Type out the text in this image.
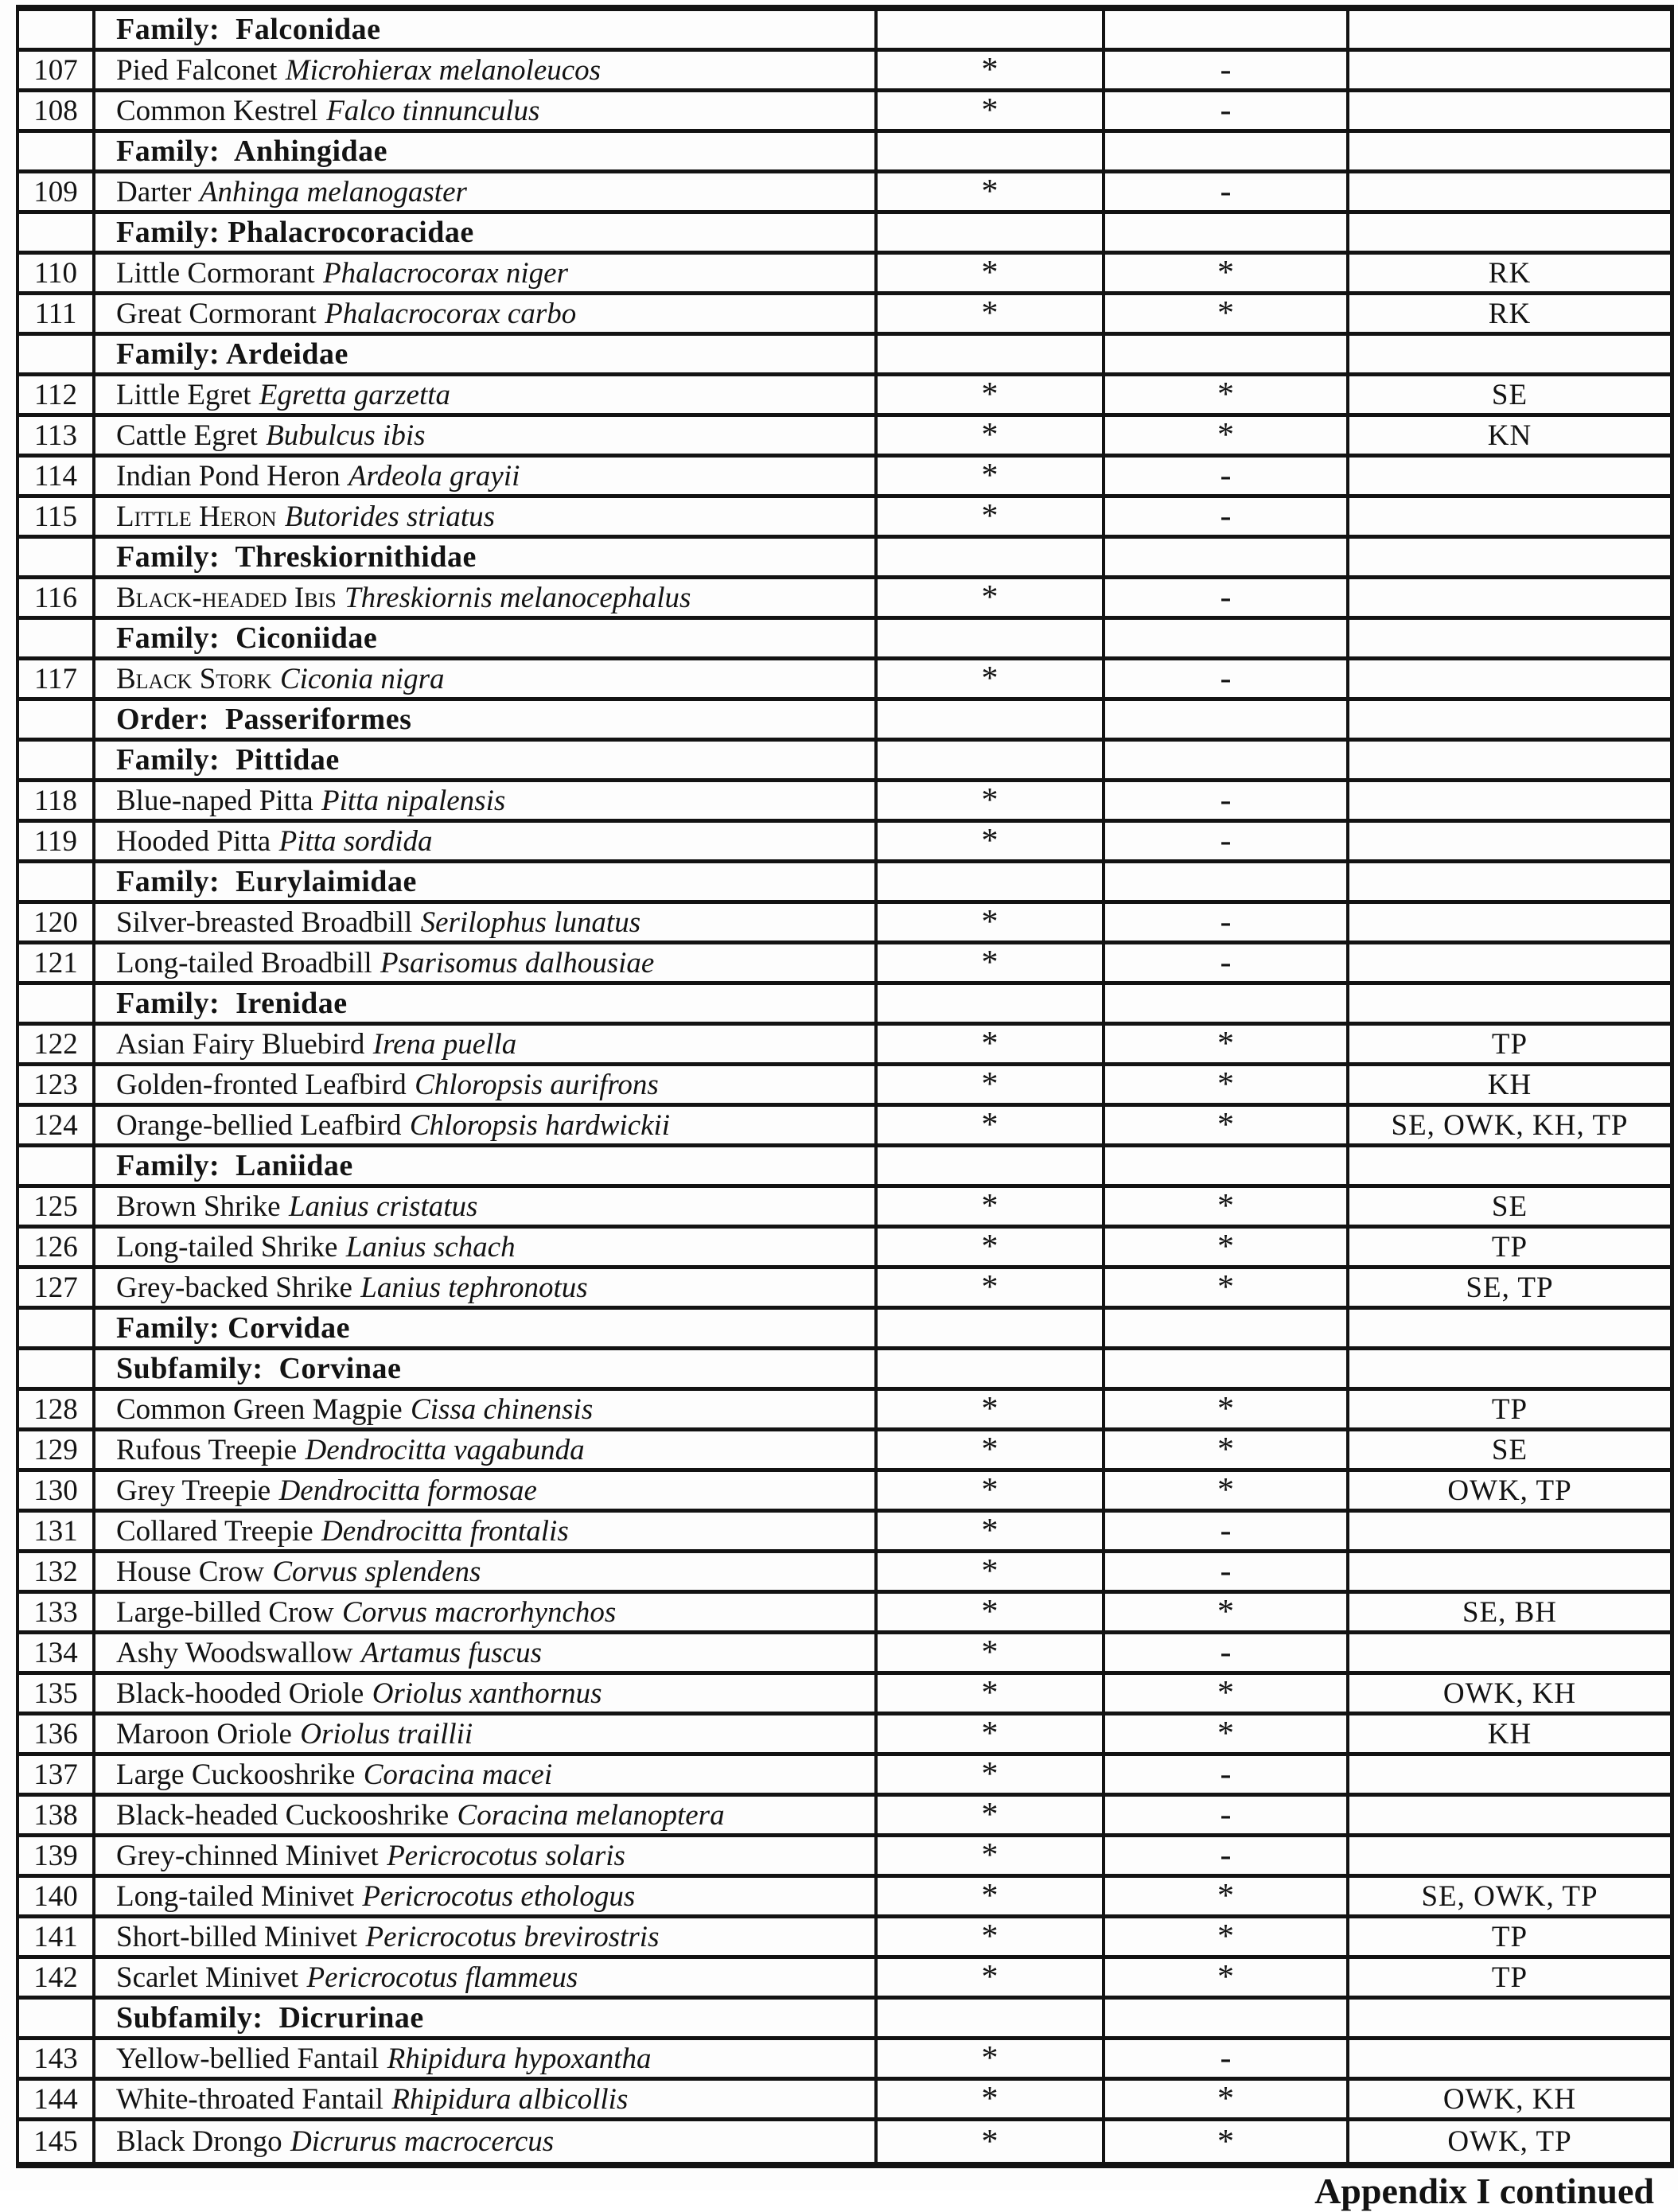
Family:  Falconidae
107 Pied Falconet Microhierax melanoleucos	*	-
108 Common Kestrel Falco tinnunculus	*	-
Family:  Anhingidae
109 Darter Anhinga melanogaster	*	-
Family: Phalacrocoracidae
110 Little Cormorant Phalacrocorax niger	*	*	RK
111 Great Cormorant Phalacrocorax carbo	*	*	RK
Family: Ardeidae
112 Little Egret Egretta garzetta	*	*	SE
113 Cattle Egret Bubulcus ibis	*	*	KN
114 Indian Pond Heron Ardeola grayii	*	-
115 Little Heron Butorides striatus	*	-
Family:  Threskiornithidae
116 Black-headed Ibis Threskiornis melanocephalus	*	-
Family:  Ciconiidae
117 Black Stork Ciconia nigra	*	-
Order:  Passeriformes
Family:  Pittidae
118 Blue-naped Pitta Pitta nipalensis	*	-
119 Hooded Pitta Pitta sordida	*	-
Family:  Eurylaimidae
120 Silver-breasted Broadbill Serilophus lunatus	*	-
121 Long-tailed Broadbill Psarisomus dalhousiae	*	-
Family:  Irenidae
122 Asian Fairy Bluebird Irena puella	*	*	TP
123 Golden-fronted Leafbird Chloropsis aurifrons	*	*	KH
124 Orange-bellied Leafbird Chloropsis hardwickii	*	*	SE, OWK, KH, TP
Family:  Laniidae
125 Brown Shrike Lanius cristatus	*	*	SE
126 Long-tailed Shrike Lanius schach	*	*	TP
127 Grey-backed Shrike Lanius tephronotus	*	*	SE, TP
Family: Corvidae
Subfamily:  Corvinae
128 Common Green Magpie Cissa chinensis	*	*	TP
129 Rufous Treepie Dendrocitta vagabunda	*	*	SE
130 Grey Treepie Dendrocitta formosae	*	*	OWK, TP
131 Collared Treepie Dendrocitta frontalis	*	-
132 House Crow Corvus splendens	*	-
133 Large-billed Crow Corvus macrorhynchos	*	*	SE, BH
134 Ashy Woodswallow Artamus fuscus	*	-
135 Black-hooded Oriole Oriolus xanthornus	*	*	OWK, KH
136 Maroon Oriole Oriolus traillii	*	*	KH
137 Large Cuckooshrike Coracina macei	*	-
138 Black-headed Cuckooshrike Coracina melanoptera	*	-
139 Grey-chinned Minivet Pericrocotus solaris	*	-
140 Long-tailed Minivet Pericrocotus ethologus	*	*	SE, OWK, TP
141 Short-billed Minivet Pericrocotus brevirostris	*	*	TP
142 Scarlet Minivet Pericrocotus flammeus	*	*	TP
Subfamily:  Dicrurinae
143 Yellow-bellied Fantail Rhipidura hypoxantha	*	-
144 White-throated Fantail Rhipidura albicollis	*	*	OWK, KH
145 Black Drongo Dicrurus macrocercus	*	*	OWK, TP
Appendix I continued
